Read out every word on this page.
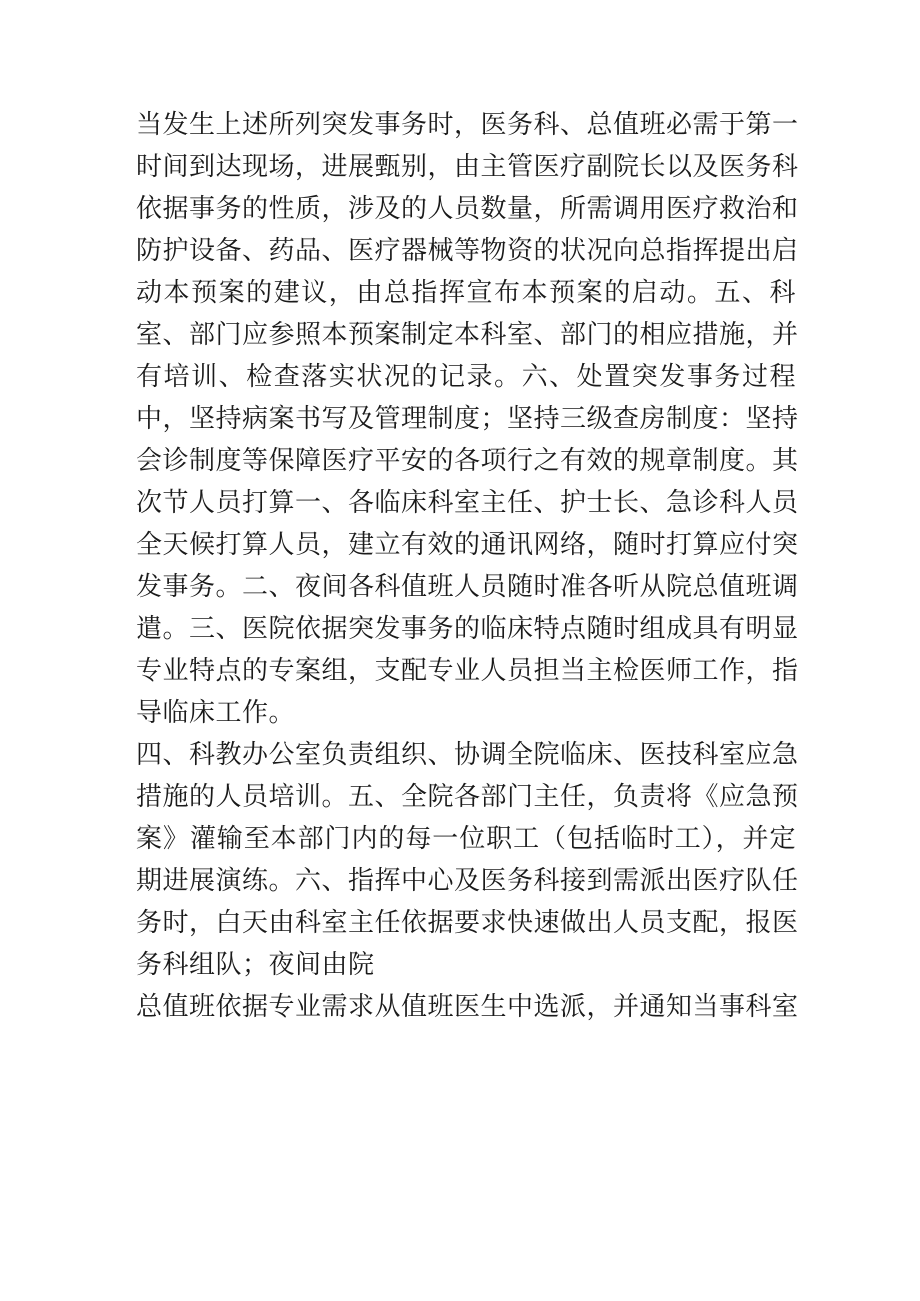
当发生上述所列突发事务时，医务科、总值班必需于第一
时间到达现场，进展甄别，由主管医疗副院长以及医务科
依据事务的性质，涉及的人员数量，所需调用医疗救治和
防护设备、药品、医疗器械等物资的状况向总指挥提出启
动本预案的建议，由总指挥宣布本预案的启动。五、科
室、部门应参照本预案制定本科室、部门的相应措施，并
有培训、检查落实状况的记录。六、处置突发事务过程
中，坚持病案书写及管理制度；坚持三级查房制度：坚持
会诊制度等保障医疗平安的各项行之有效的规章制度。其
次节人员打算一、各临床科室主任、护士长、急诊科人员
全天候打算人员，建立有效的通讯网络，随时打算应付突
发事务。二、夜间各科值班人员随时准各听从院总值班调
遣。三、医院依据突发事务的临床特点随时组成具有明显
专业特点的专案组，支配专业人员担当主检医师工作，指
导临床工作。
四、科教办公室负责组织、协调全院临床、医技科室应急
措施的人员培训。五、全院各部门主任，负责将《应急预
案》灌输至本部门内的每一位职工（包括临时工），并定
期进展演练。六、指挥中心及医务科接到需派出医疗队任
务时，白天由科室主任依据要求快速做出人员支配，报医
务科组队；夜间由院
总值班依据专业需求从值班医生中选派，并通知当事科室
